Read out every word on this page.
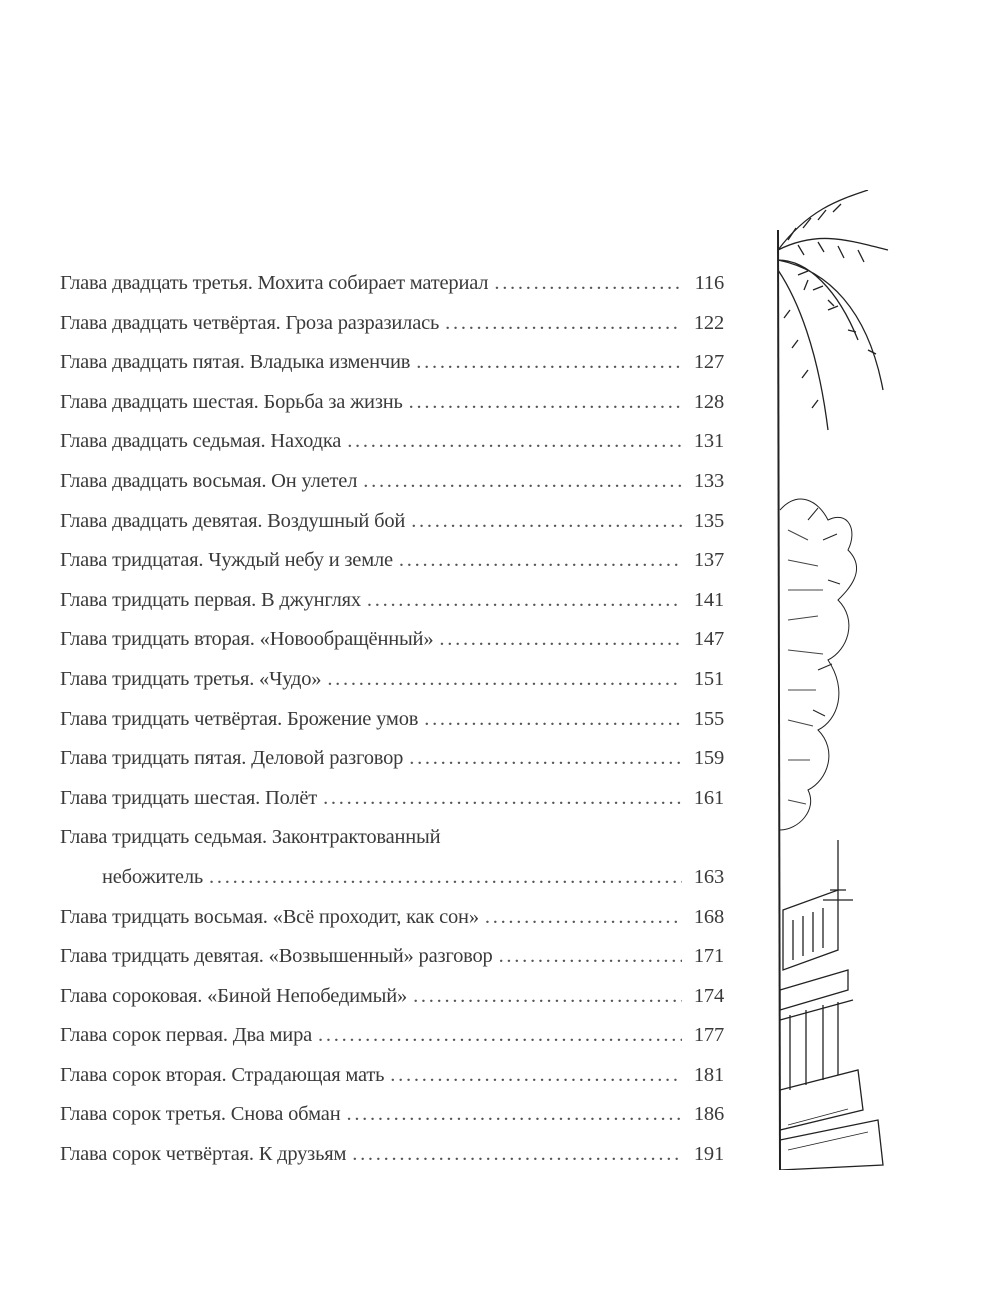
Глава двадцать третья. Мохита собирает материал . . .	116
Глава двадцать четвёртая. Гроза разразилась . . .	122
Глава двадцать пятая. Владыка изменчив . . .	127
Глава двадцать шестая. Борьба за жизнь . . .	128
Глава двадцать седьмая. Находка . . .	131
Глава двадцать восьмая. Он улетел . . .	133
Глава двадцать девятая. Воздушный бой . . .	135
Глава тридцатая. Чуждый небу и земле . . .	137
Глава тридцать первая. В джунглях . . .	141
Глава тридцать вторая. «Новообращённый» . . .	147
Глава тридцать третья. «Чудо» . . .	151
Глава тридцать четвёртая. Брожение умов . . .	155
Глава тридцать пятая. Деловой разговор . . .	159
Глава тридцать шестая. Полёт . . .	161
Глава тридцать седьмая. Законтрактованный
небожитель . . .	163
Глава тридцать восьмая. «Всё проходит, как сон» . . .	168
Глава тридцать девятая. «Возвышенный» разговор . . .	171
Глава сороковая. «Биной Непобедимый» . . .	174
Глава сорок первая. Два мира . . .	177
Глава сорок вторая. Страдающая мать . . .	181
Глава сорок третья. Снова обман . . .	186
Глава сорок четвёртая. К друзьям . . .	191
